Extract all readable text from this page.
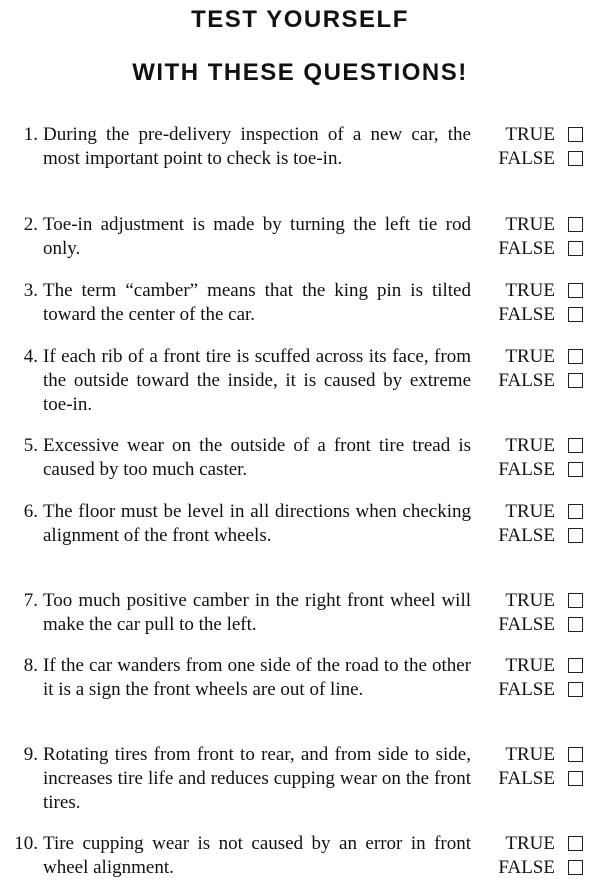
TEST YOURSELF
WITH THESE QUESTIONS!
1. During the pre-delivery inspection of a new car, the most important point to check is toe-in.
TRUE
FALSE
2. Toe-in adjustment is made by turning the left tie rod only.
TRUE
FALSE
3. The term “camber” means that the king pin is tilted toward the center of the car.
TRUE
FALSE
4. If each rib of a front tire is scuffed across its face, from the outside toward the inside, it is caused by extreme toe-in.
TRUE
FALSE
5. Excessive wear on the outside of a front tire tread is caused by too much caster.
TRUE
FALSE
6. The floor must be level in all directions when checking alignment of the front wheels.
TRUE
FALSE
7. Too much positive camber in the right front wheel will make the car pull to the left.
TRUE
FALSE
8. If the car wanders from one side of the road to the other it is a sign the front wheels are out of line.
TRUE
FALSE
9. Rotating tires from front to rear, and from side to side, increases tire life and reduces cupping wear on the front tires.
TRUE
FALSE
10. Tire cupping wear is not caused by an error in front wheel alignment.
TRUE
FALSE
